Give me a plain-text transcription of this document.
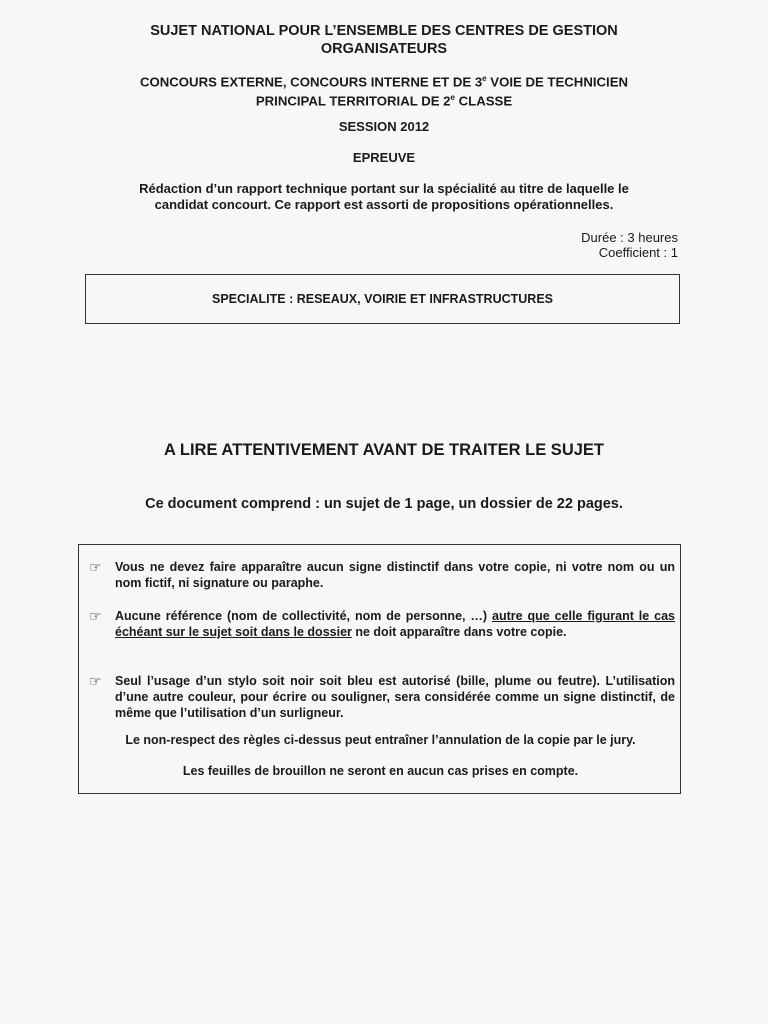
SUJET NATIONAL POUR L’ENSEMBLE DES CENTRES DE GESTION
ORGANISATEURS
CONCOURS EXTERNE, CONCOURS INTERNE ET DE 3e VOIE DE TECHNICIEN
PRINCIPAL TERRITORIAL DE 2e CLASSE
SESSION 2012
EPREUVE
Rédaction d’un rapport technique portant sur la spécialité au titre de laquelle le
candidat concourt. Ce rapport est assorti de propositions opérationnelles.
Durée : 3 heures
Coefficient : 1
SPECIALITE : RESEAUX, VOIRIE ET INFRASTRUCTURES
A LIRE ATTENTIVEMENT AVANT DE TRAITER LE SUJET
Ce document comprend : un sujet de 1 page, un dossier de 22 pages.
☞ Vous ne devez faire apparaître aucun signe distinctif dans votre copie, ni votre nom ou un nom fictif, ni signature ou paraphe.
☞ Aucune référence (nom de collectivité, nom de personne, …) autre que celle figurant le cas échéant sur le sujet soit dans le dossier ne doit apparaître dans votre copie.
☞ Seul l’usage d’un stylo soit noir soit bleu est autorisé (bille, plume ou feutre). L’utilisation d’une autre couleur, pour écrire ou souligner, sera considérée comme un signe distinctif, de même que l’utilisation d’un surligneur.
Le non-respect des règles ci-dessus peut entraîner l’annulation de la copie par le jury.
Les feuilles de brouillon ne seront en aucun cas prises en compte.
